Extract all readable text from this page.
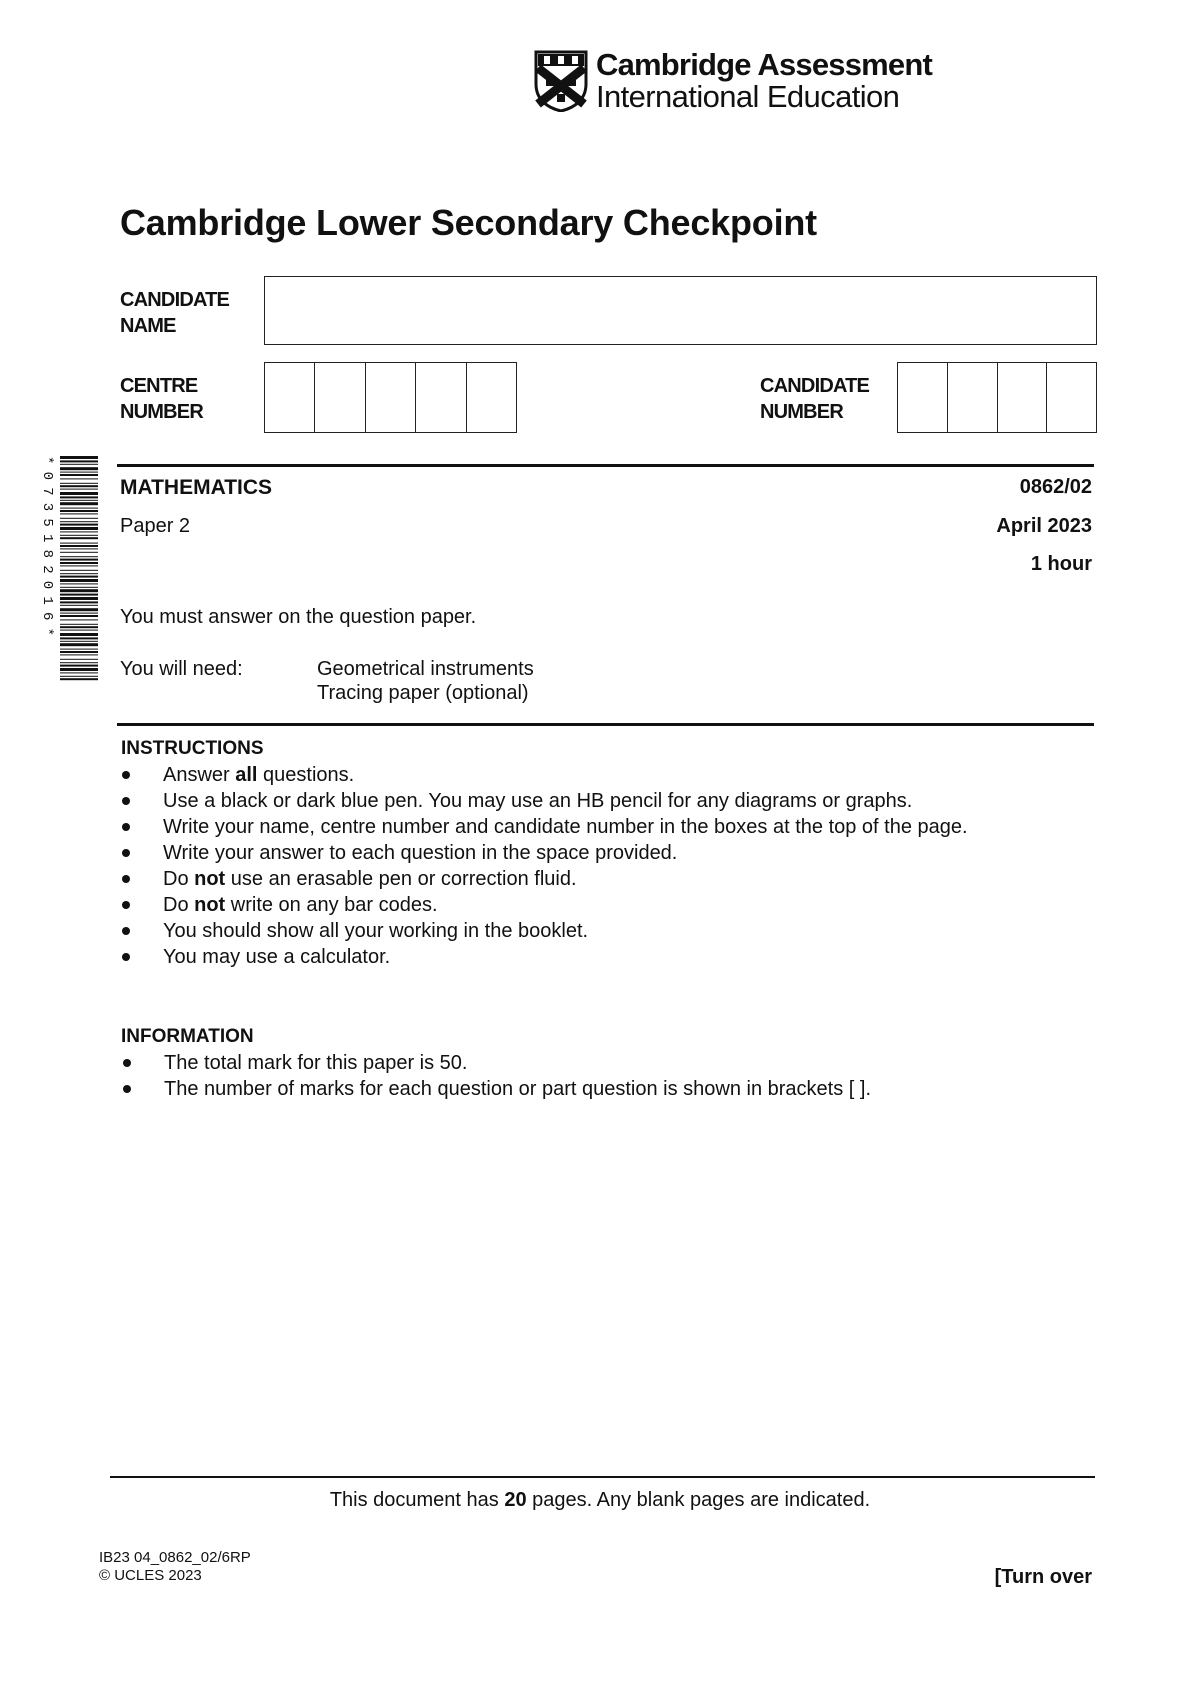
Cambridge Assessment
International Education
Cambridge Lower Secondary Checkpoint
CANDIDATE
NAME
CENTRE
NUMBER
CANDIDATE
NUMBER
*0735182016*	MATHEMATICS	0862/02
Paper 2	April 2023
1 hour
You must answer on the question paper.
You will need:	Geometrical instruments
Tracing paper (optional)
INSTRUCTIONS
Answer all questions.
Use a black or dark blue pen. You may use an HB pencil for any diagrams or graphs.
Write your name, centre number and candidate number in the boxes at the top of the page.
Write your answer to each question in the space provided.
Do not use an erasable pen or correction fluid.
Do not write on any bar codes.
You should show all your working in the booklet.
You may use a calculator.
INFORMATION
The total mark for this paper is 50.
The number of marks for each question or part question is shown in brackets [ ].
This document has 20 pages. Any blank pages are indicated.
IB23 04_0862_02/6RP
© UCLES 2023	[Turn over
